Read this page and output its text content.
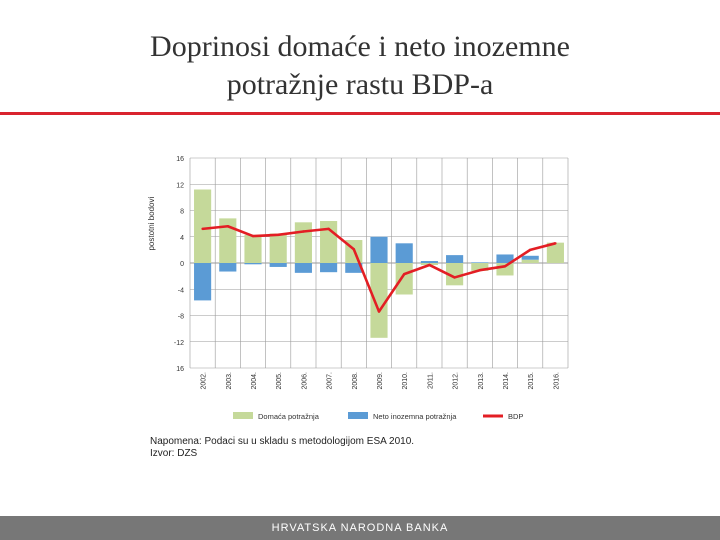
Doprinosi domaće i neto inozemne
potražnje rastu BDP-a
16
12
8
4
0
-4
-8
-12
16
2002.	2003.	2004.	2005.	2006.	2007.	2008.	2009.	2010.	2011.	2012.	2013.	2014.	2015.	2016.
postotni bodovi
Domaća potražnja	Neto inozemna potražnja	BDP
Napomena: Podaci su u skladu s metodologijom ESA 2010.
Izvor: DZS
HRVATSKA NARODNA BANKA
